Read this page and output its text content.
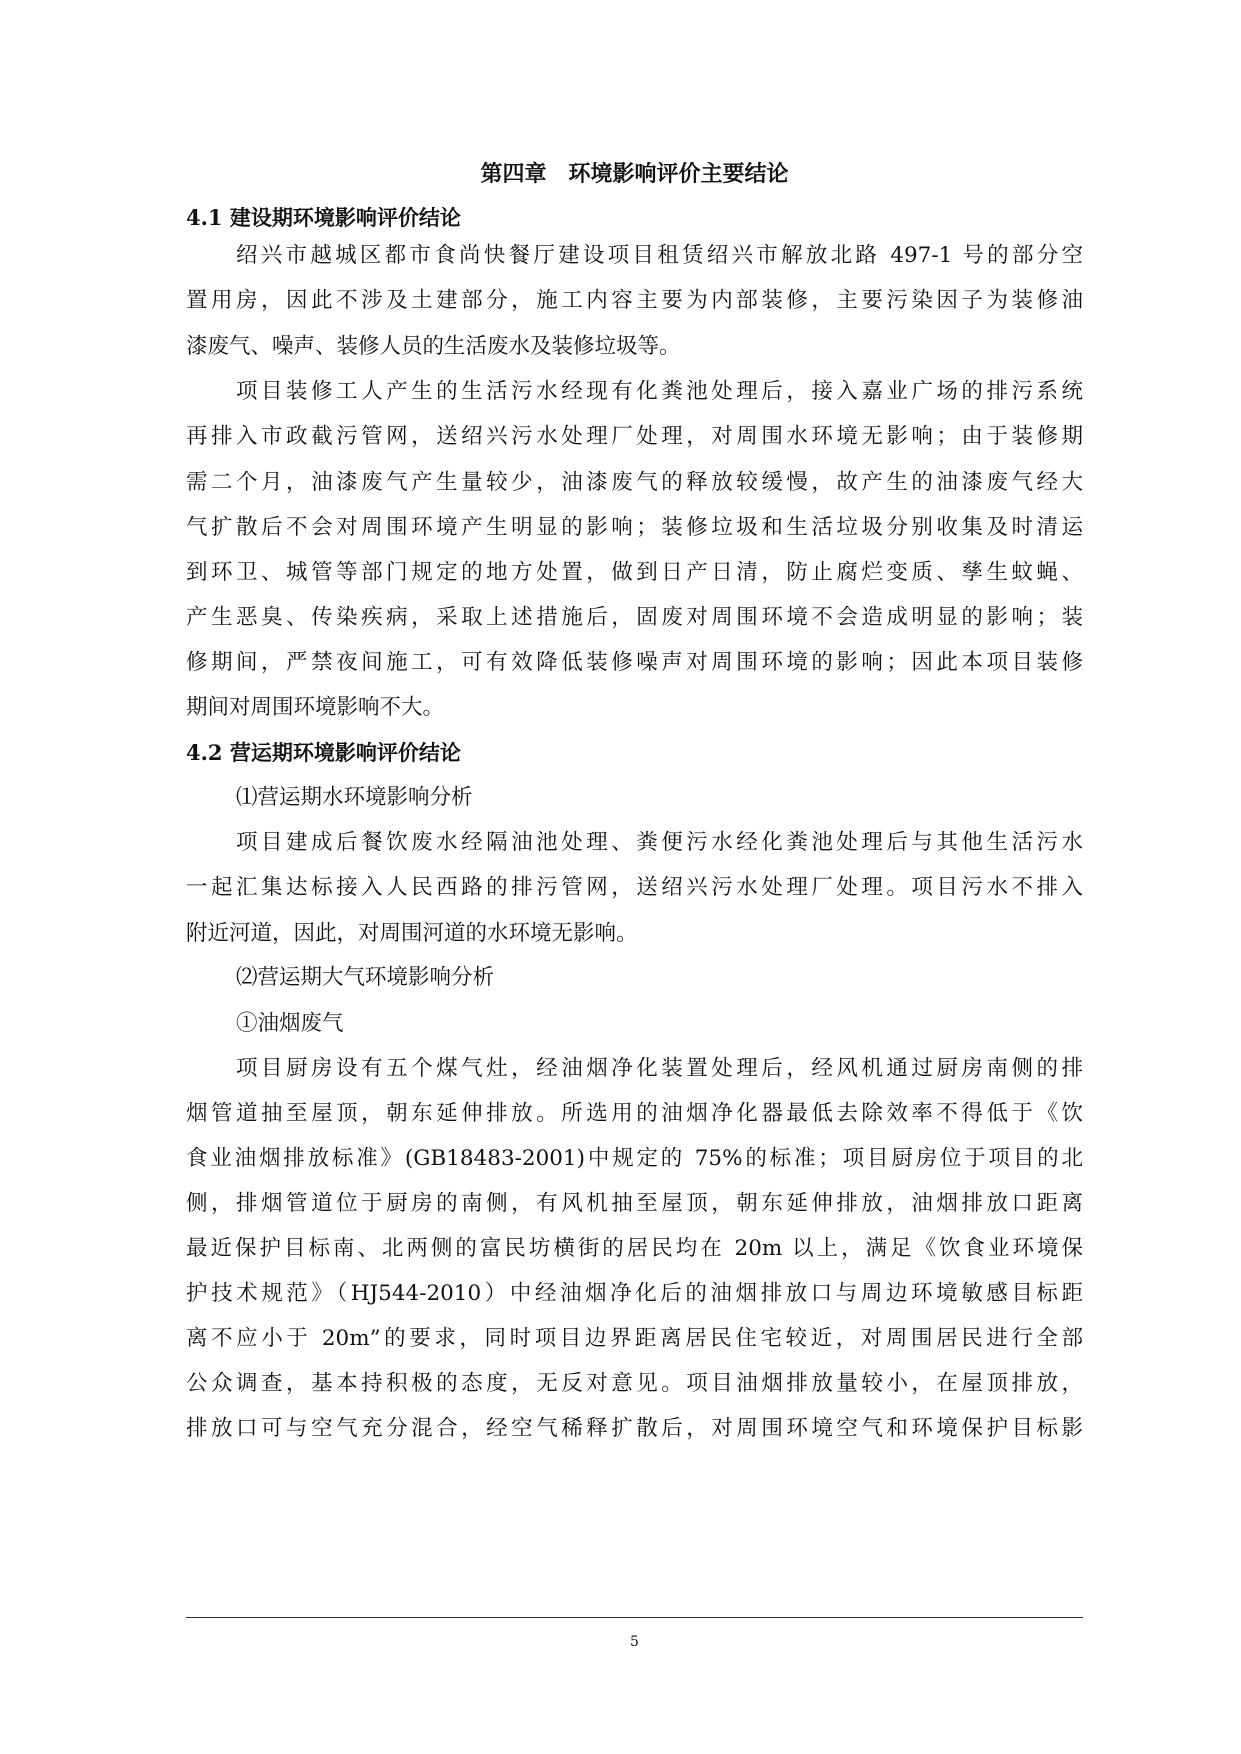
第四章　环境影响评价主要结论
4.1 建设期环境影响评价结论
绍兴市越城区都市食尚快餐厅建设项目租赁绍兴市解放北路 497-1 号的部分空
置用房，因此不涉及土建部分，施工内容主要为内部装修，主要污染因子为装修油
漆废气、噪声、装修人员的生活废水及装修垃圾等。
项目装修工人产生的生活污水经现有化粪池处理后，接入嘉业广场的排污系统
再排入市政截污管网，送绍兴污水处理厂处理，对周围水环境无影响；由于装修期
需二个月，油漆废气产生量较少，油漆废气的释放较缓慢，故产生的油漆废气经大
气扩散后不会对周围环境产生明显的影响；装修垃圾和生活垃圾分别收集及时清运
到环卫、城管等部门规定的地方处置，做到日产日清，防止腐烂变质、孳生蚊蝇、
产生恶臭、传染疾病，采取上述措施后，固废对周围环境不会造成明显的影响；装
修期间，严禁夜间施工，可有效降低装修噪声对周围环境的影响；因此本项目装修
期间对周围环境影响不大。
4.2 营运期环境影响评价结论
⑴营运期水环境影响分析
项目建成后餐饮废水经隔油池处理、粪便污水经化粪池处理后与其他生活污水
一起汇集达标接入人民西路的排污管网，送绍兴污水处理厂处理。项目污水不排入
附近河道，因此，对周围河道的水环境无影响。
⑵营运期大气环境影响分析
①油烟废气
项目厨房设有五个煤气灶，经油烟净化装置处理后，经风机通过厨房南侧的排
烟管道抽至屋顶，朝东延伸排放。所选用的油烟净化器最低去除效率不得低于《饮
食业油烟排放标准》(GB18483-2001)中规定的 75%的标准；项目厨房位于项目的北
侧，排烟管道位于厨房的南侧，有风机抽至屋顶，朝东延伸排放，油烟排放口距离
最近保护目标南、北两侧的富民坊横街的居民均在 20m 以上，满足《饮食业环境保
护技术规范》（HJ544-2010）中经油烟净化后的油烟排放口与周边环境敏感目标距
离不应小于 20m”的要求，同时项目边界距离居民住宅较近，对周围居民进行全部
公众调查，基本持积极的态度，无反对意见。项目油烟排放量较小，在屋顶排放，
排放口可与空气充分混合，经空气稀释扩散后，对周围环境空气和环境保护目标影
5
